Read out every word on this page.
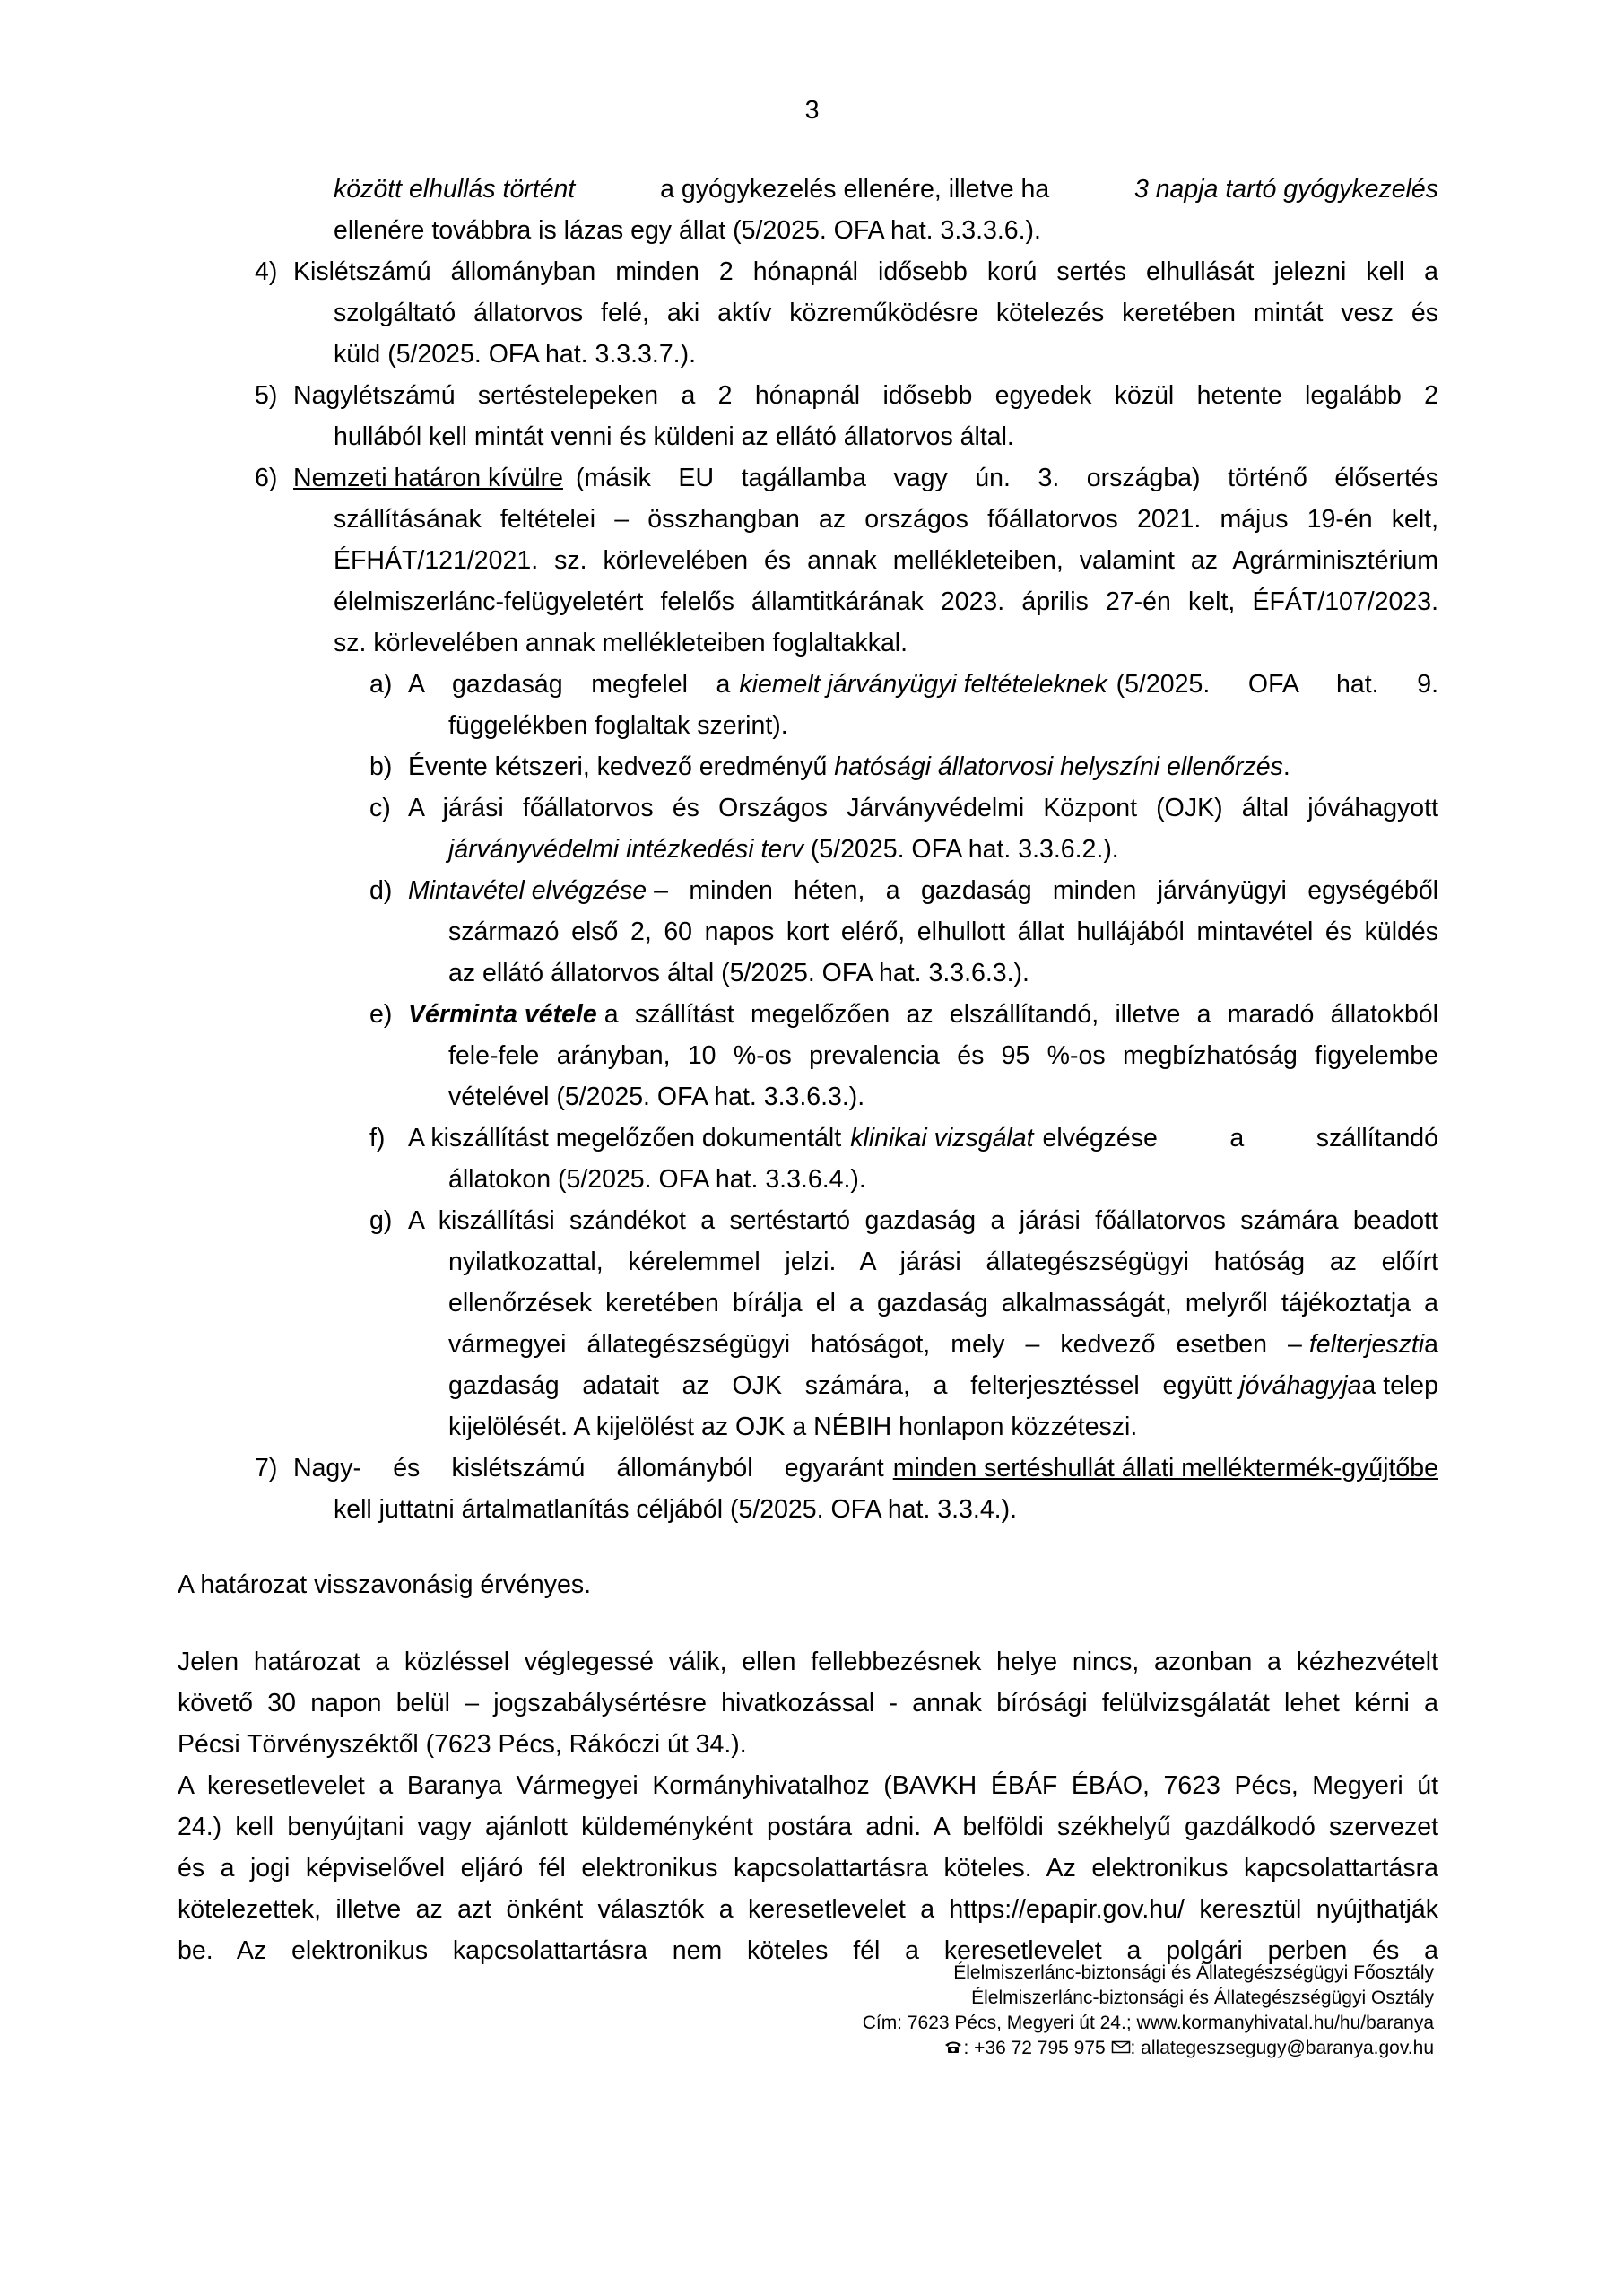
3
között elhullás történt	a gyógykezelés ellenére, illetve ha	3 napja tartó gyógykezelés
ellenére továbbra is lázas egy állat (5/2025. OFA hat. 3.3.3.6.).
4) Kislétszámú állományban minden 2 hónapnál idősebb korú sertés elhullását jelezni kell a
szolgáltató állatorvos felé, aki aktív közreműködésre kötelezés keretében mintát vesz és
küld (5/2025. OFA hat. 3.3.3.7.).
5) Nagylétszámú sertéstelepeken a 2 hónapnál idősebb egyedek közül hetente legalább 2
hullából kell mintát venni és küldeni az ellátó állatorvos által.
6) Nemzeti határon kívülre (másik EU tagállamba vagy ún. 3. országba) történő élősertés
szállításának feltételei – összhangban az országos főállatorvos 2021. május 19-én kelt,
ÉFHÁT/121/2021. sz. körlevelében és annak mellékleteiben, valamint az Agrárminisztérium
élelmiszerlánc-felügyeletért felelős államtitkárának 2023. április 27-én kelt, ÉFÁT/107/2023.
sz. körlevelében annak mellékleteiben foglaltakkal.
a) A gazdaság megfelel a kiemelt járványügyi feltételeknek (5/2025. OFA hat. 9.
függelékben foglaltak szerint).
b) Évente kétszeri, kedvező eredményű hatósági állatorvosi helyszíni ellenőrzés.
c) A járási főállatorvos és Országos Járványvédelmi Központ (OJK) által jóváhagyott
járványvédelmi intézkedési terv (5/2025. OFA hat. 3.3.6.2.).
d) Mintavétel elvégzése – minden héten, a gazdaság minden járványügyi egységéből
származó első 2, 60 napos kort elérő, elhullott állat hullájából mintavétel és küldés
az ellátó állatorvos által (5/2025. OFA hat. 3.3.6.3.).
e) Vérminta vétele a szállítást megelőzően az elszállítandó, illetve a maradó állatokból
fele-fele arányban, 10 %-os prevalencia és 95 %-os megbízhatóság figyelembe
vételével (5/2025. OFA hat. 3.3.6.3.).
f) A kiszállítást megelőzően dokumentált klinikai vizsgálat elvégzése a szállítandó
állatokon (5/2025. OFA hat. 3.3.6.4.).
g) A kiszállítási szándékot a sertéstartó gazdaság a járási főállatorvos számára beadott
nyilatkozattal, kérelemmel jelzi. A járási állategészségügyi hatóság az előírt
ellenőrzések keretében bírálja el a gazdaság alkalmasságát, melyről tájékoztatja a
vármegyei állategészségügyi hatóságot, mely – kedvező esetben – felterjeszti a
gazdaság adatait az OJK számára, a felterjesztéssel együtt jóváhagyja a telep
kijelölését. A kijelölést az OJK a NÉBIH honlapon közzéteszi.
7) Nagy- és kislétszámú állományból egyaránt minden sertéshullát állati melléktermék-gyűjtőbe
kell juttatni ártalmatlanítás céljából (5/2025. OFA hat. 3.3.4.).
A határozat visszavonásig érvényes.
Jelen határozat a közléssel véglegessé válik, ellen fellebbezésnek helye nincs, azonban a kézhezvételt
követő 30 napon belül – jogszabálysértésre hivatkozással - annak bírósági felülvizsgálatát lehet kérni a
Pécsi Törvényszéktől (7623 Pécs, Rákóczi út 34.).
A keresetlevelet a Baranya Vármegyei Kormányhivatalhoz (BAVKH ÉBÁF ÉBÁO, 7623 Pécs, Megyeri út
24.) kell benyújtani vagy ajánlott küldeményként postára adni. A belföldi székhelyű gazdálkodó szervezet
és a jogi képviselővel eljáró fél elektronikus kapcsolattartásra köteles. Az elektronikus kapcsolattartásra
kötelezettek, illetve az azt önként választók a keresetlevelet a https://epapir.gov.hu/ keresztül nyújthatják
be. Az elektronikus kapcsolattartásra nem köteles fél a keresetlevelet a polgári perben és a
Élelmiszerlánc-biztonsági és Állategészségügyi Főosztály
Élelmiszerlánc-biztonsági és Állategészségügyi Osztály
Cím: 7623 Pécs, Megyeri út 24.; www.kormanyhivatal.hu/hu/baranya
: +36 72 795 975 : allategeszsegugy@baranya.gov.hu
